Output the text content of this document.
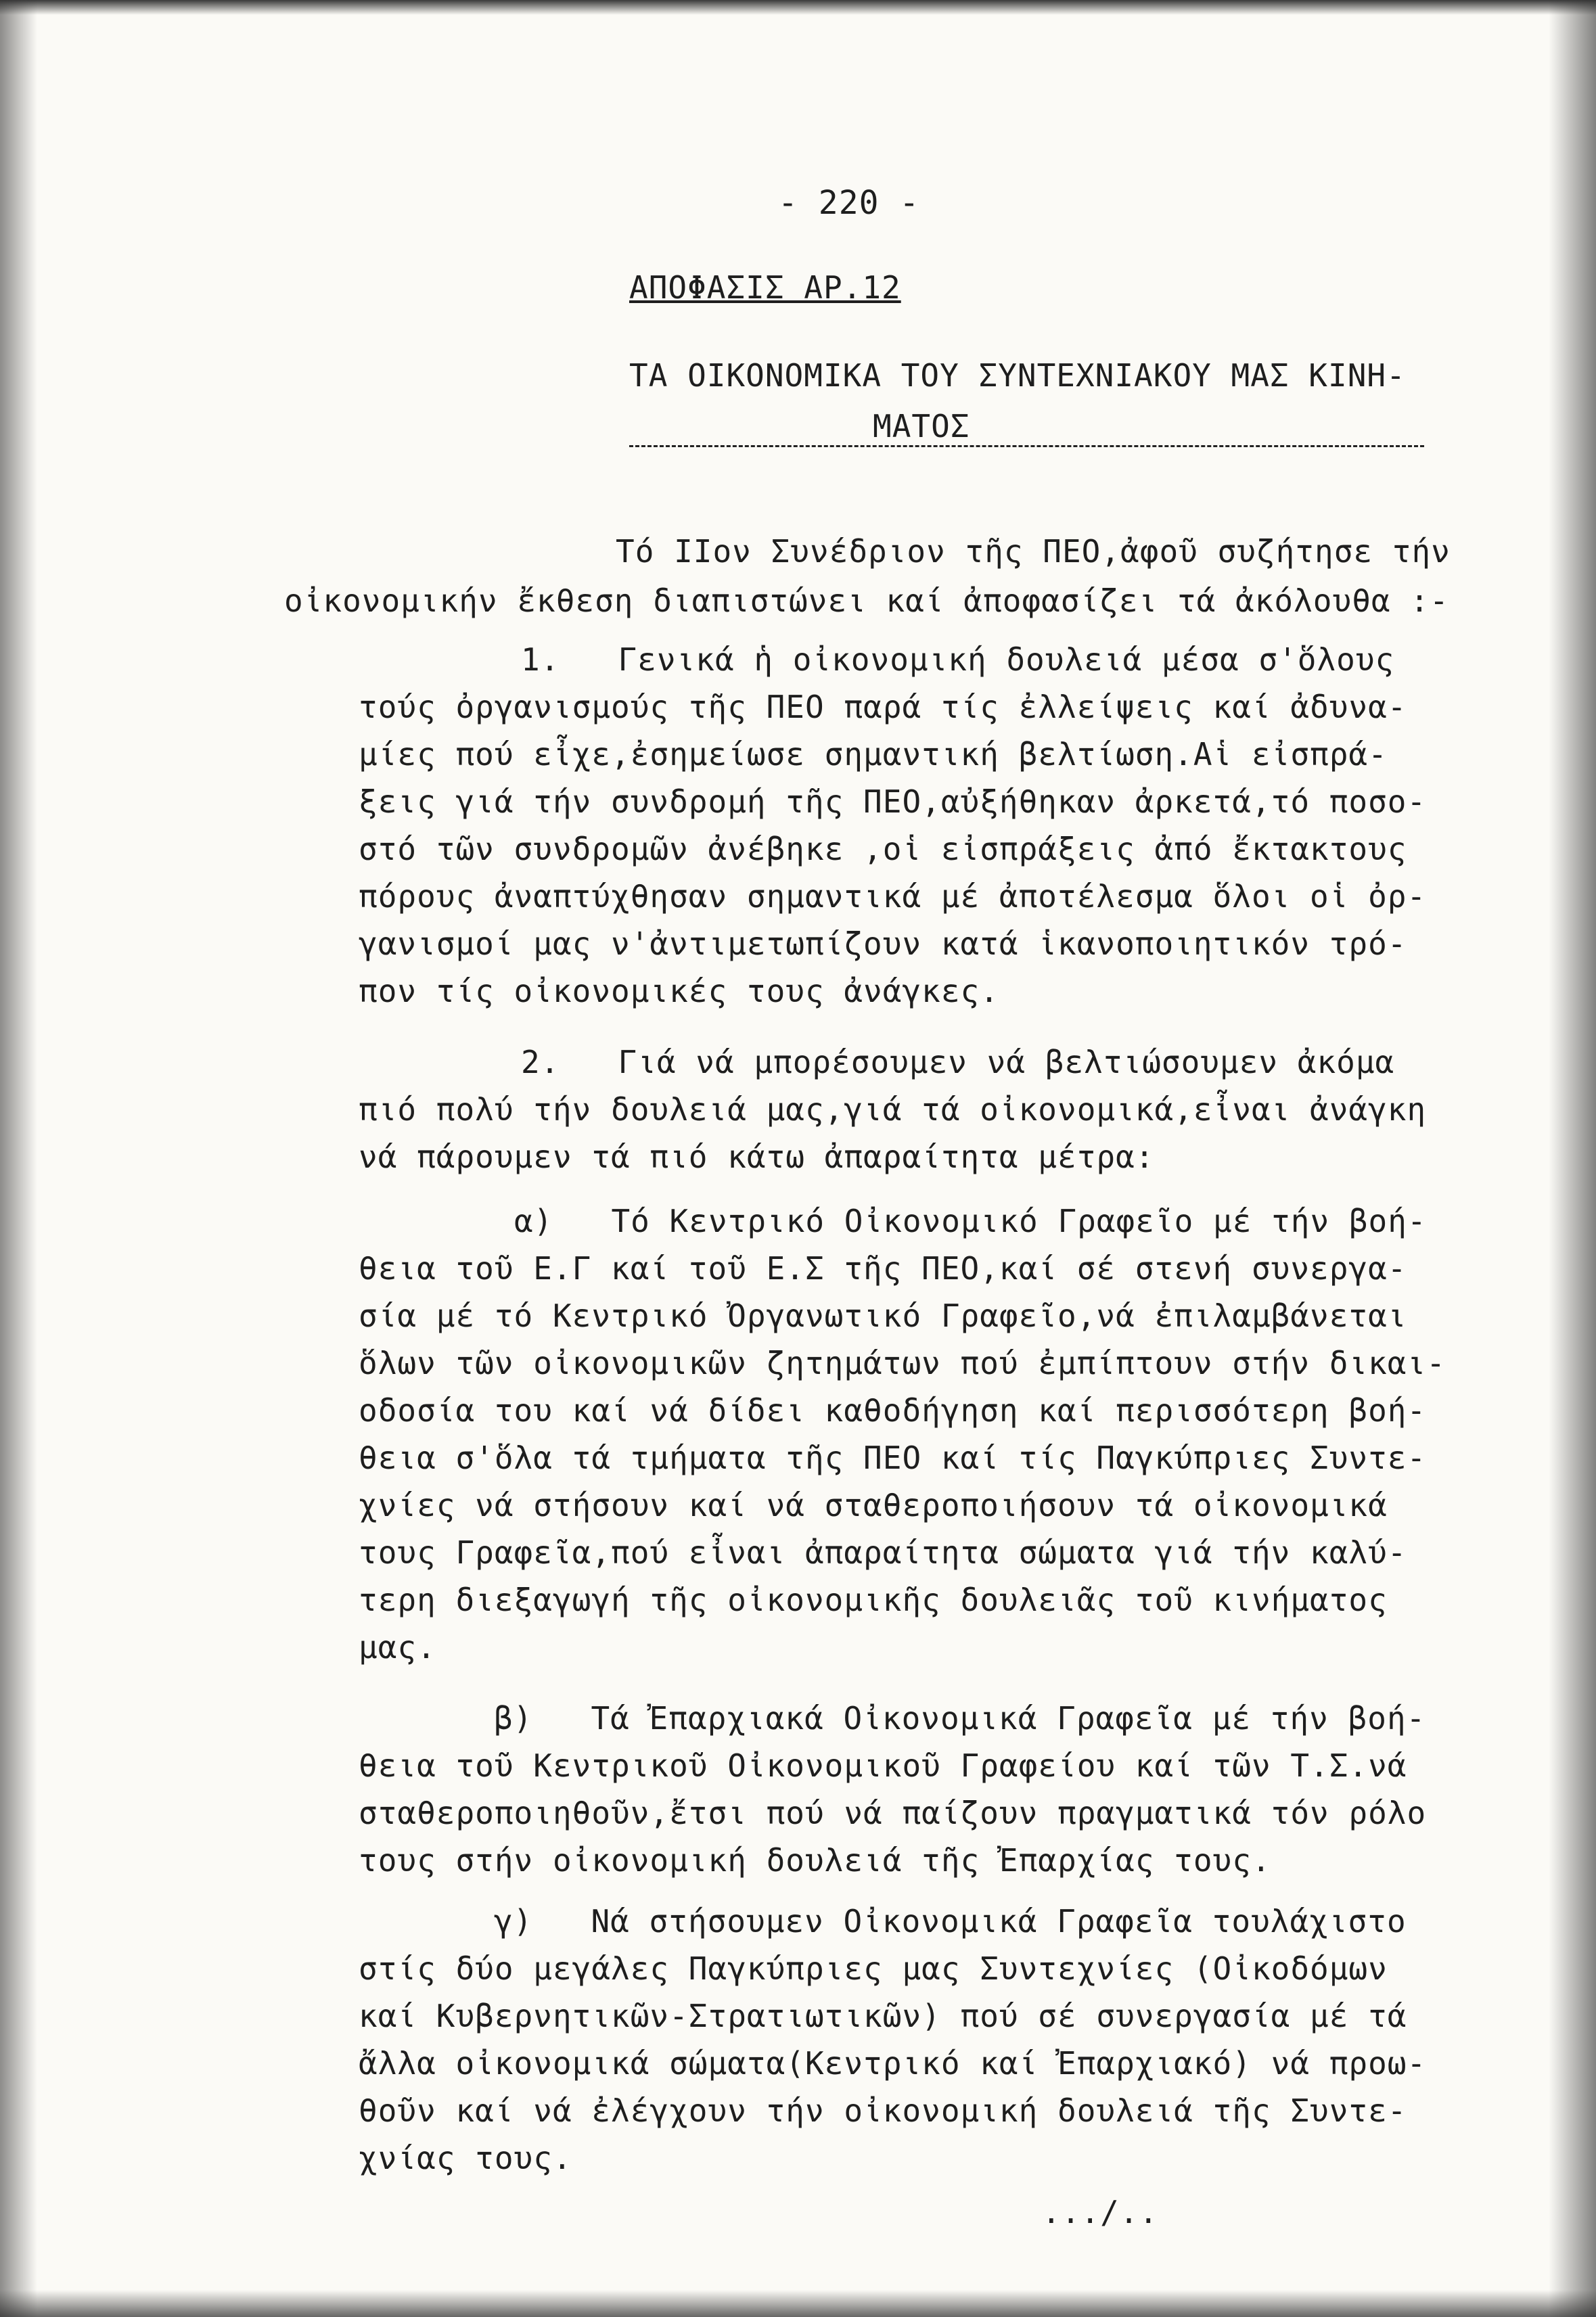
- 220 -
ΑΠΟΦΑΣΙΣ ΑΡ.12
ΤΑ ΟΙΚΟΝΟΜΙΚΑ ΤΟΥ ΣΥΝΤΕΧΝΙΑΚΟΥ ΜΑΣ ΚΙΝΗ-
ΜΑΤΟΣ
Τό ΙΙον Συνέδριον τῆς ΠΕΟ,ἀφοῦ συζήτησε τήν
οἰκονομικήν ἔκθεση διαπιστώνει καί ἀποφασίζει τά ἀκόλουθα :-
1.   Γενικά ἡ οἰκονομική δουλειά μέσα σ'ὅλους
τούς ὀργανισμούς τῆς ΠΕΟ παρά τίς ἐλλείψεις καί ἀδυνα-
μίες πού εἶχε,ἐσημείωσε σημαντική βελτίωση.Αἱ εἰσπρά-
ξεις γιά τήν συνδρομή τῆς ΠΕΟ,αὐξήθηκαν ἀρκετά,τό ποσο-
στό τῶν συνδρομῶν ἀνέβηκε ,οἱ εἰσπράξεις ἀπό ἔκτακτους
πόρους ἀναπτύχθησαν σημαντικά μέ ἀποτέλεσμα ὅλοι οἱ ὀρ-
γανισμοί μας ν'ἀντιμετωπίζουν κατά ἱκανοποιητικόν τρό-
πον τίς οἰκονομικές τους ἀνάγκες.
2.   Γιά νά μπορέσουμεν νά βελτιώσουμεν ἀκόμα
πιό πολύ τήν δουλειά μας,γιά τά οἰκονομικά,εἶναι ἀνάγκη
νά πάρουμεν τά πιό κάτω ἀπαραίτητα μέτρα:
α)   Τό Κεντρικό Οἰκονομικό Γραφεῖο μέ τήν βοή-
θεια τοῦ Ε.Γ καί τοῦ Ε.Σ τῆς ΠΕΟ,καί σέ στενή συνεργα-
σία μέ τό Κεντρικό Ὀργανωτικό Γραφεῖο,νά ἐπιλαμβάνεται
ὅλων τῶν οἰκονομικῶν ζητημάτων πού ἐμπίπτουν στήν δικαι-
οδοσία του καί νά δίδει καθοδήγηση καί περισσότερη βοή-
θεια σ'ὅλα τά τμήματα τῆς ΠΕΟ καί τίς Παγκύπριες Συντε-
χνίες νά στήσουν καί νά σταθεροποιήσουν τά οἰκονομικά
τους Γραφεῖα,πού εἶναι ἀπαραίτητα σώματα γιά τήν καλύ-
τερη διεξαγωγή τῆς οἰκονομικῆς δουλειᾶς τοῦ κινήματος
μας.
β)   Τά Ἐπαρχιακά Οἰκονομικά Γραφεῖα μέ τήν βοή-
θεια τοῦ Κεντρικοῦ Οἰκονομικοῦ Γραφείου καί τῶν Τ.Σ.νά
σταθεροποιηθοῦν,ἔτσι πού νά παίζουν πραγματικά τόν ρόλο
τους στήν οἰκονομική δουλειά τῆς Ἐπαρχίας τους.
γ)   Νά στήσουμεν Οἰκονομικά Γραφεῖα τουλάχιστο
στίς δύο μεγάλες Παγκύπριες μας Συντεχνίες (Οἰκοδόμων
καί Κυβερνητικῶν-Στρατιωτικῶν) πού σέ συνεργασία μέ τά
ἄλλα οἰκονομικά σώματα(Κεντρικό καί Ἐπαρχιακό) νά προω-
θοῦν καί νά ἐλέγχουν τήν οἰκονομική δουλειά τῆς Συντε-
χνίας τους.
.../..
